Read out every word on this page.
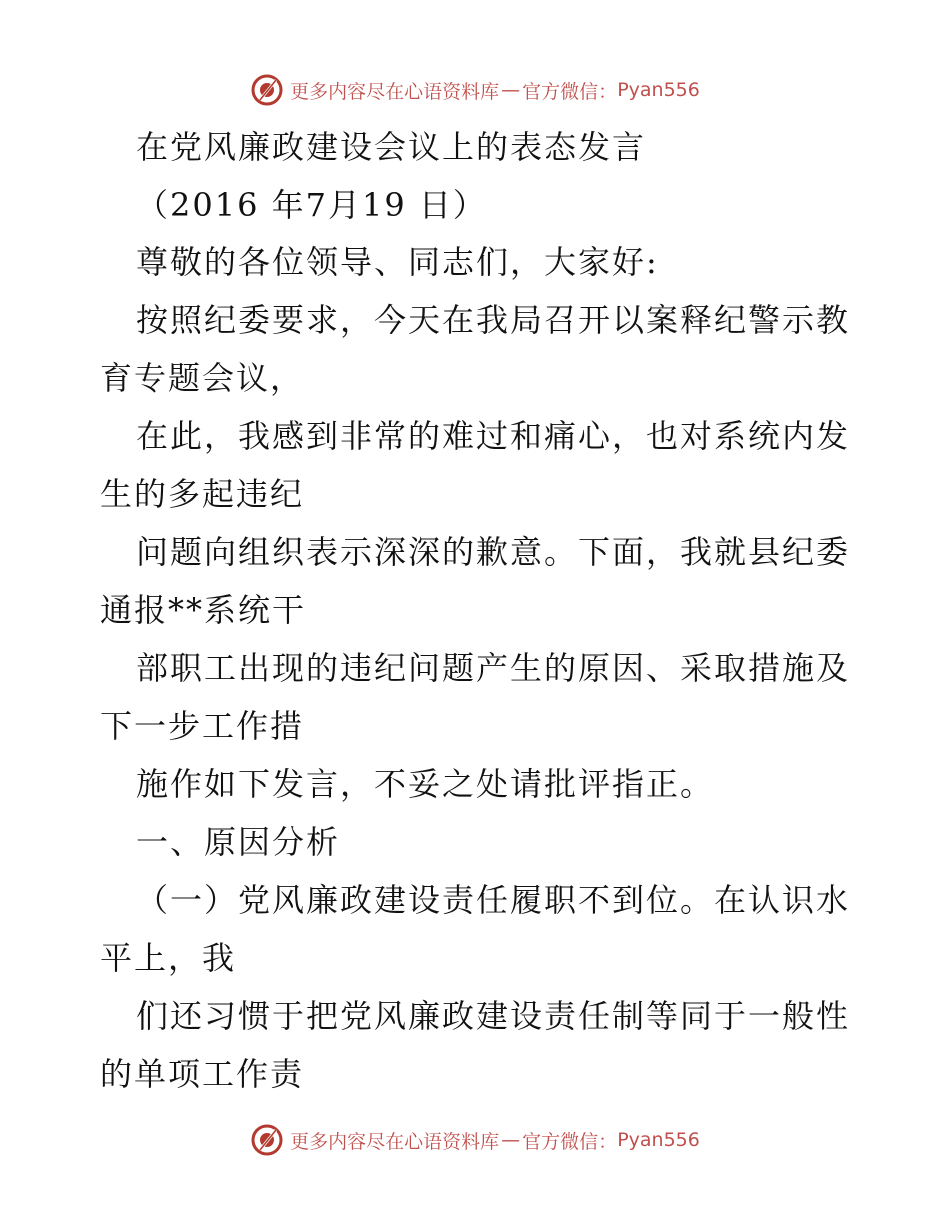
更多内容尽在心语资料库 — 官方微信： Pyan556
在党风廉政建设会议上的表态发言
（2016 年7月19 日）
尊敬的各位领导、同志们，大家好:
按照纪委要求，今天在我局召开以案释纪警示教
育专题会议，
在此，我感到非常的难过和痛心，也对系统内发
生的多起违纪
问题向组织表示深深的歉意。下面，我就县纪委
通报**系统干
部职工出现的违纪问题产生的原因、采取措施及
下一步工作措
施作如下发言，不妥之处请批评指正。
一、原因分析
（一）党风廉政建设责任履职不到位。在认识水
平上，我
们还习惯于把党风廉政建设责任制等同于一般性
的单项工作责
更多内容尽在心语资料库 — 官方微信： Pyan556
